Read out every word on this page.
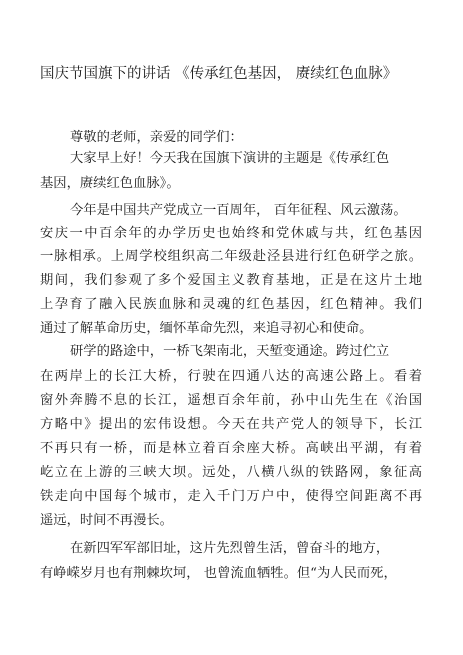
国庆节国旗下的讲话 《传承红色基因， 赓续红色血脉》

尊敬的老师，亲爱的同学们：

大家早上好！今天我在国旗下演讲的主题是《传承红色

基因，赓续红色血脉》。

今年是中国共产党成立一百周年， 百年征程、风云激荡。

安庆一中百余年的办学历史也始终和党休戚与共，红色基因

一脉相承。上周学校组织高二年级赴泾县进行红色研学之旅。

期间，我们参观了多个爱国主义教育基地，正是在这片土地

上孕育了融入民族血脉和灵魂的红色基因，红色精神。我们

通过了解革命历史，缅怀革命先烈，来追寻初心和使命。

研学的路途中，一桥飞架南北，天堑变通途。跨过伫立

在两岸上的长江大桥，行驶在四通八达的高速公路上。看着

窗外奔腾不息的长江，遥想百余年前，孙中山先生在《治国

方略中》提出的宏伟设想。今天在共产党人的领导下，长江

不再只有一桥，而是林立着百余座大桥。高峡出平湖，有着

屹立在上游的三峡大坝。远处，八横八纵的铁路网，象征高

铁走向中国每个城市，走入千门万户中，使得空间距离不再

遥远，时间不再漫长。

在新四军军部旧址，这片先烈曾生活，曾奋斗的地方，

有峥嵘岁月也有荆棘坎坷， 也曾流血牺牲。但“为人民而死，
